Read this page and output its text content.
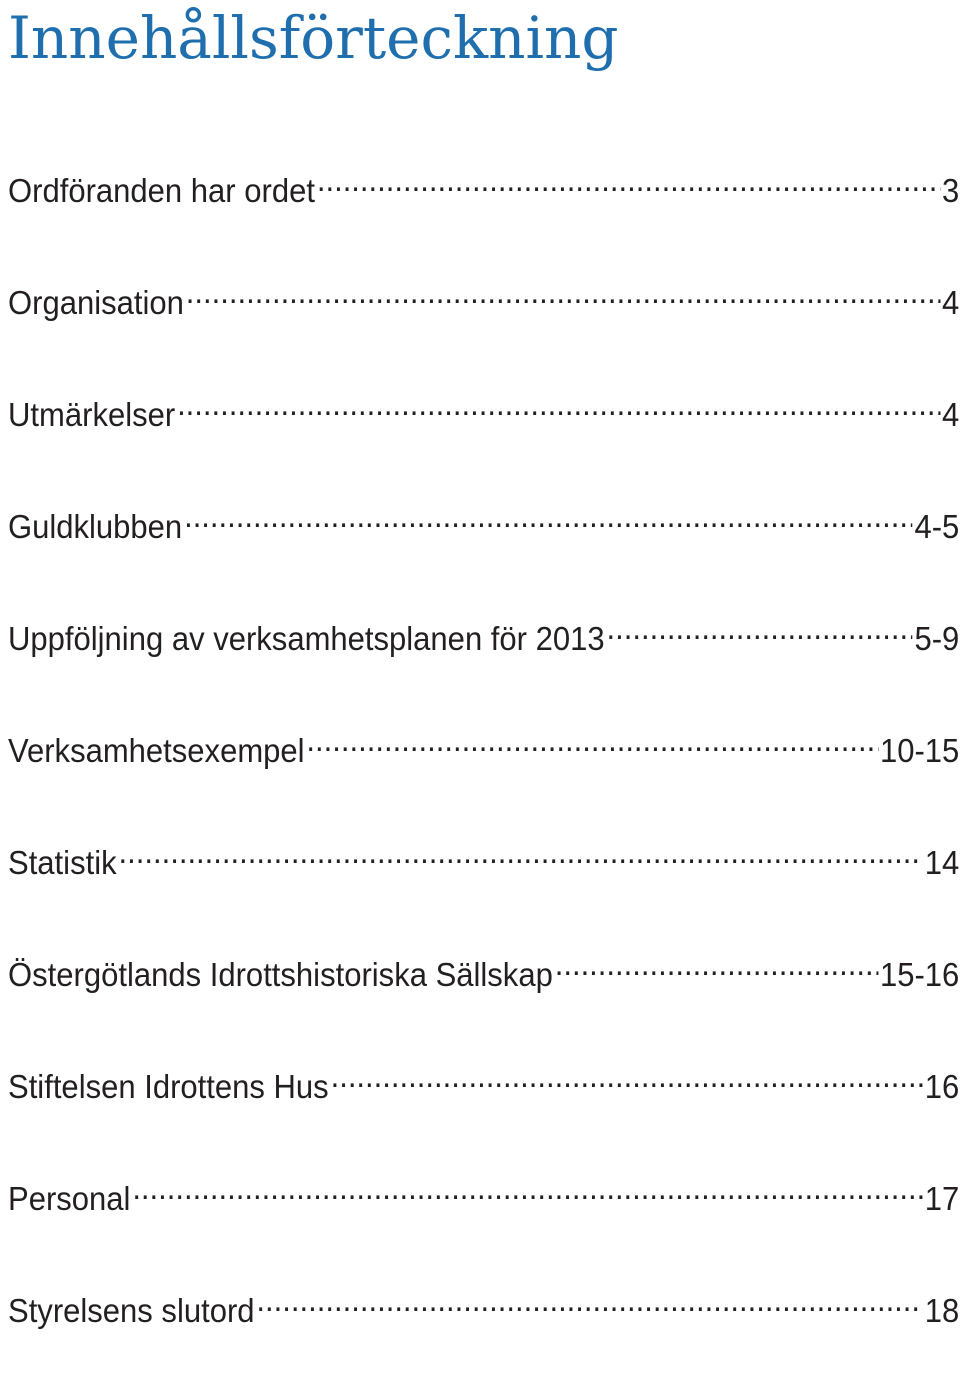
Innehållsförteckning
Ordföranden har ordet .....	3
Organisation .....	4
Utmärkelser .....	4
Guldklubben .....	4-5
Uppföljning av verksamhetsplanen för 2013 .....	5-9
Verksamhetsexempel .....	10-15
Statistik .....	14
Östergötlands Idrottshistoriska Sällskap .....	15-16
Stiftelsen Idrottens Hus .....	16
Personal .....	17
Styrelsens slutord .....	18
